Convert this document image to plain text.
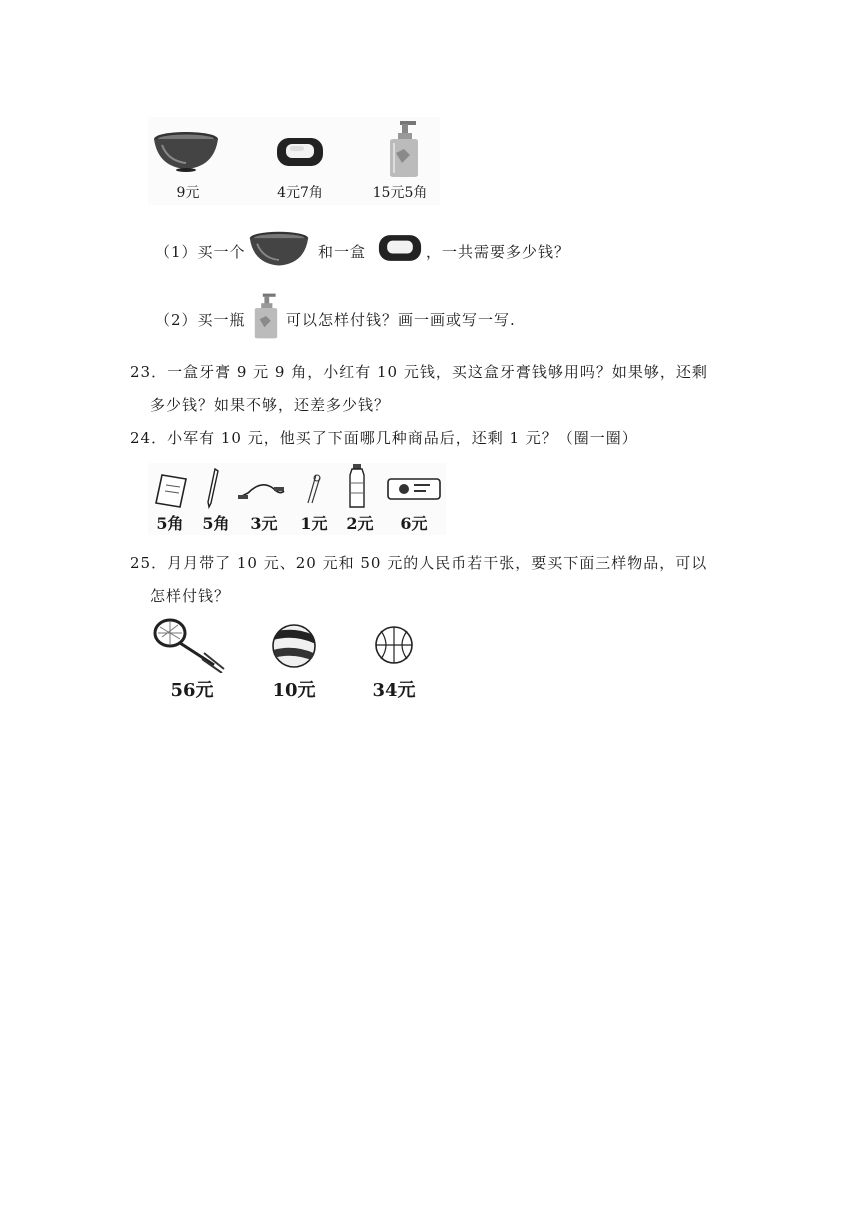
9元	4元7角	15元5角
（1）买一个	和一盒	，一共需要多少钱？
（2）买一瓶	可以怎样付钱？画一画或写一写.
23．一盒牙膏 9 元 9 角，小红有 10 元钱，买这盒牙膏钱够用吗？如果够，还剩
多少钱？如果不够，还差多少钱？
24．小军有 10 元，他买了下面哪几种商品后，还剩 1 元？（圈一圈）
5角	5角	3元	1元	2元	6元
25．月月带了 10 元、20 元和 50 元的人民币若干张，要买下面三样物品，可以
怎样付钱？
56元	10元	34元
